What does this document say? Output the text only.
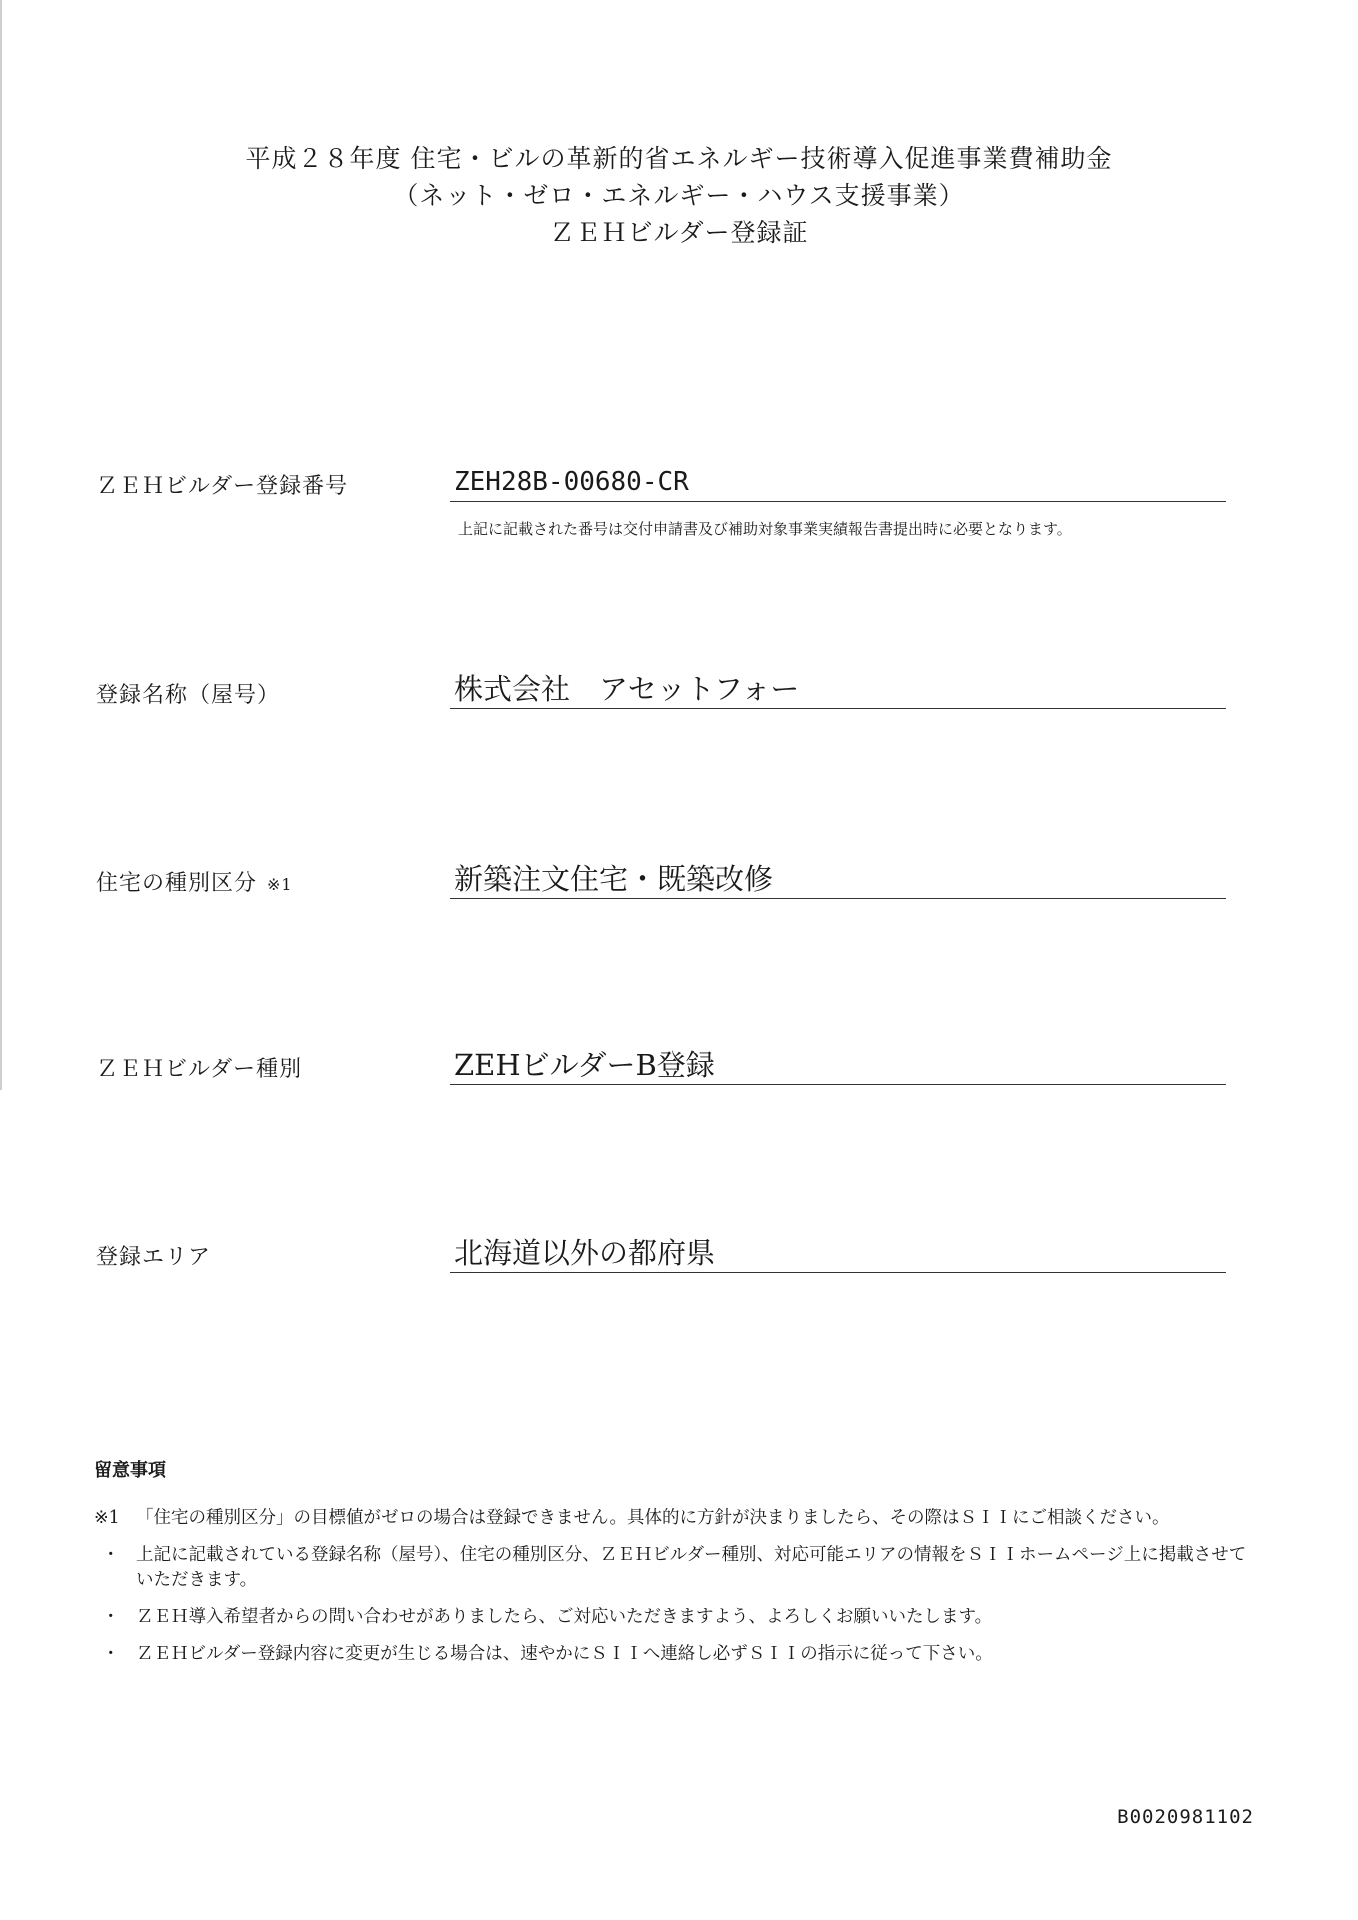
平成２８年度 住宅・ビルの革新的省エネルギー技術導入促進事業費補助金
（ネット・ゼロ・エネルギー・ハウス支援事業）
ＺＥＨビルダー登録証
ＺＥＨビルダー登録番号	ZEH28B-00680-CR
上記に記載された番号は交付申請書及び補助対象事業実績報告書提出時に必要となります。
登録名称（屋号）	株式会社　アセットフォー
住宅の種別区分 ※1	新築注文住宅・既築改修
ＺＥＨビルダー種別	ZEHビルダーB登録
登録エリア	北海道以外の都府県
留意事項
※1 「住宅の種別区分」の目標値がゼロの場合は登録できません。具体的に方針が決まりましたら、その際はＳＩＩにご相談ください。
・ 上記に記載されている登録名称（屋号）、住宅の種別区分、ＺＥＨビルダー種別、対応可能エリアの情報をＳＩＩホームページ上に掲載させていただきます。
・ ＺＥＨ導入希望者からの問い合わせがありましたら、ご対応いただきますよう、よろしくお願いいたします。
・ ＺＥＨビルダー登録内容に変更が生じる場合は、速やかにＳＩＩへ連絡し必ずＳＩＩの指示に従って下さい。
B0020981102
